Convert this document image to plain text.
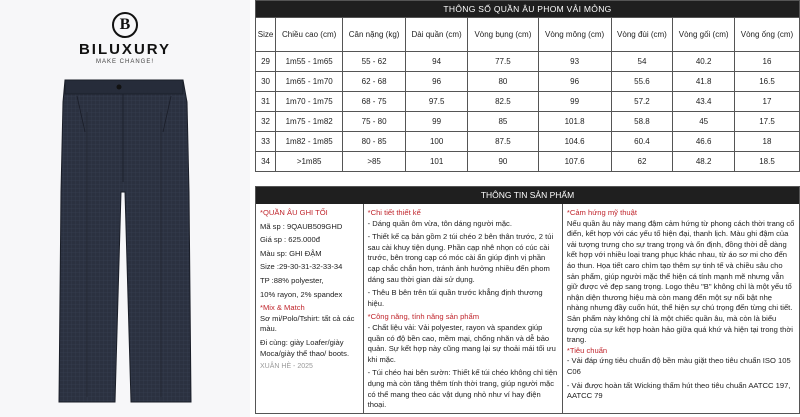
B
BILUXURY
MAKE CHANGE!
THÔNG SỐ QUẦN ÂU PHOM VẢI MỎNG								
Size	Chiều cao (cm)	Cân nặng (kg)	Dài quần (cm)	Vòng bụng (cm)	Vòng mông (cm)	Vòng đùi (cm)	Vòng gối (cm)	Vòng ống (cm)
29	1m55 - 1m65	55 - 62	94	77.5	93	54	40.2	16
30	1m65 - 1m70	62 - 68	96	80	96	55.6	41.8	16.5
31	1m70 - 1m75	68 - 75	97.5	82.5	99	57.2	43.4	17
32	1m75 - 1m82	75 - 80	99	85	101.8	58.8	45	17.5
33	1m82 - 1m85	80 - 85	100	87.5	104.6	60.4	46.6	18
34	>1m85	>85	101	90	107.6	62	48.2	18.5
THÔNG TIN SẢN PHẨM
*QUẦN ÂU GHI TỐI
Mã sp : 9QAUB509GHD
Giá sp : 625.000đ
Màu sp: GHI ĐẬM
Size :29-30-31-32-33-34
TP :88% polyester,
10% rayon, 2% spandex
*Mix & Match
Sơ mi/Polo/Tshirt: tất cả các màu.
Đi cùng: giày Loafer/giày Moca/giày thể thao/ boots.
XUÂN HÈ - 2025
*Chi tiết thiết kế
- Dáng quần ôm vừa, tôn dáng người mặc.
- Thiết kế cạ bản gồm 2 túi chéo 2 bên thân trước, 2 túi sau cài khuy tiện dụng. Phần cạp nhê nhọn có cúc cài trước, bên trong cạp có móc cài ẩn giúp định vị phần cạp chắc chắn hơn, tránh ảnh hưởng nhiều đến phom dáng sau thời gian dài sử dụng.
- Thêu B bên trên túi quần trước khẳng định thương hiệu.
*Công năng, tính năng sản phẩm
- Chất liệu vải: Vải polyester, rayon và spandex giúp quần có độ bền cao, mềm mại, chống nhăn và dễ bảo quản. Sự kết hợp này cũng mang lại sự thoải mái tối ưu khi mặc.
- Túi chéo hai bên sườn: Thiết kế túi chéo không chỉ tiện dụng mà còn tăng thêm tính thời trang, giúp người mặc có thể mang theo các vật dụng nhỏ như ví hay điện thoại.
*Cảm hứng mỹ thuật
Nếu quần âu này mang đậm cảm hứng từ phong cách thời trang cổ điển, kết hợp với các yếu tố hiện đại, thanh lịch. Màu ghi đậm của vải tượng trưng cho sự trang trọng và ổn định, đồng thời dễ dàng kết hợp với nhiều loại trang phục khác nhau, từ áo sơ mi cho đến áo thun. Họa tiết caro chìm tạo thêm sự tinh tế và chiều sâu cho sản phẩm, giúp người mặc thể hiện cá tính mạnh mẽ nhưng vẫn giữ được vẻ đẹp sang trọng. Logo thêu "B" không chỉ là một yếu tố nhận diện thương hiệu mà còn mang đến một sự nổi bật nhẹ nhàng nhưng đầy cuốn hút, thể hiện sự chú trọng đến từng chi tiết. Sản phẩm này không chỉ là một chiếc quần âu, mà còn là biểu tượng của sự kết hợp hoàn hảo giữa quá khứ và hiện tại trong thời trang.
*Tiêu chuẩn
- Vải đáp ứng tiêu chuẩn độ bền màu giặt theo tiêu chuẩn ISO 105 C06
- Vải được hoàn tất Wicking thấm hút theo tiêu chuẩn AATCC 197, AATCC 79
